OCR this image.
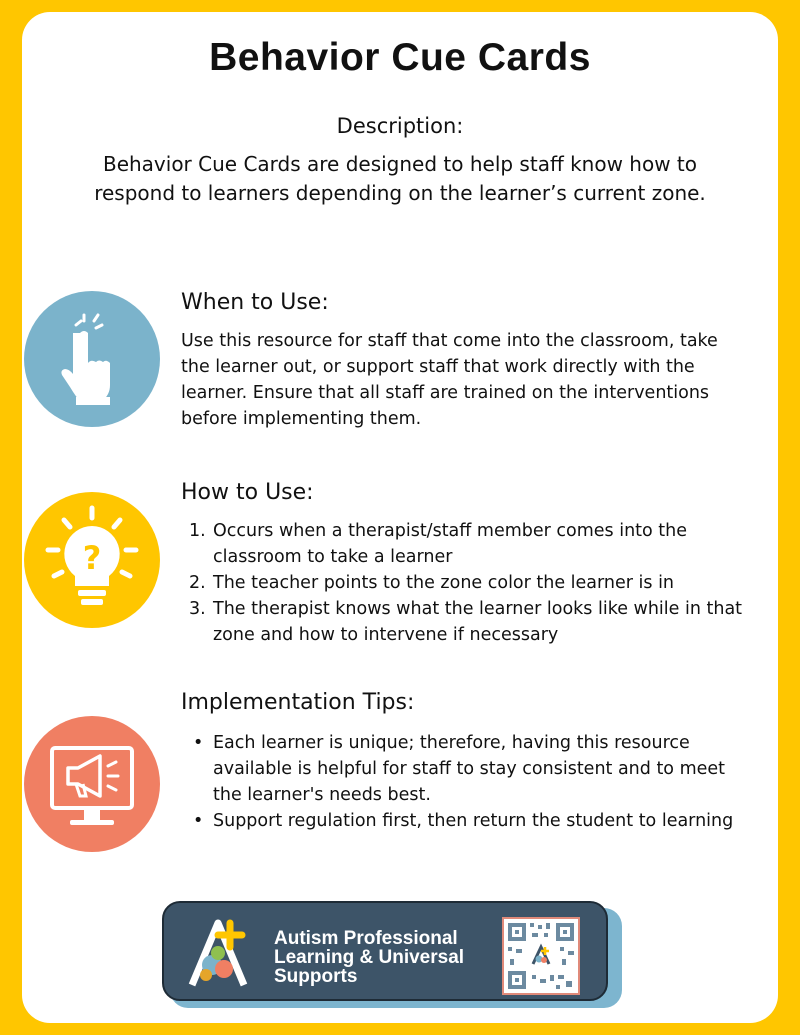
Behavior Cue Cards
Description:
Behavior Cue Cards are designed to help staff know how to respond to learners depending on the learner’s current zone.
When to Use:
Use this resource for staff that come into the classroom, take the learner out, or support staff that work directly with the learner. Ensure that all staff are trained on the interventions before implementing them.
?
How to Use:
1. Occurs when a therapist/staff member comes into the classroom to take a learner
2. The teacher points to the zone color the learner is in
3. The therapist knows what the learner looks like while in that zone and how to intervene if necessary
Implementation Tips:
• Each learner is unique; therefore, having this resource available is helpful for staff to stay consistent and to meet the learner's needs best.
• Support regulation first, then return the student to learning
Autism Professional
Learning & Universal
Supports
